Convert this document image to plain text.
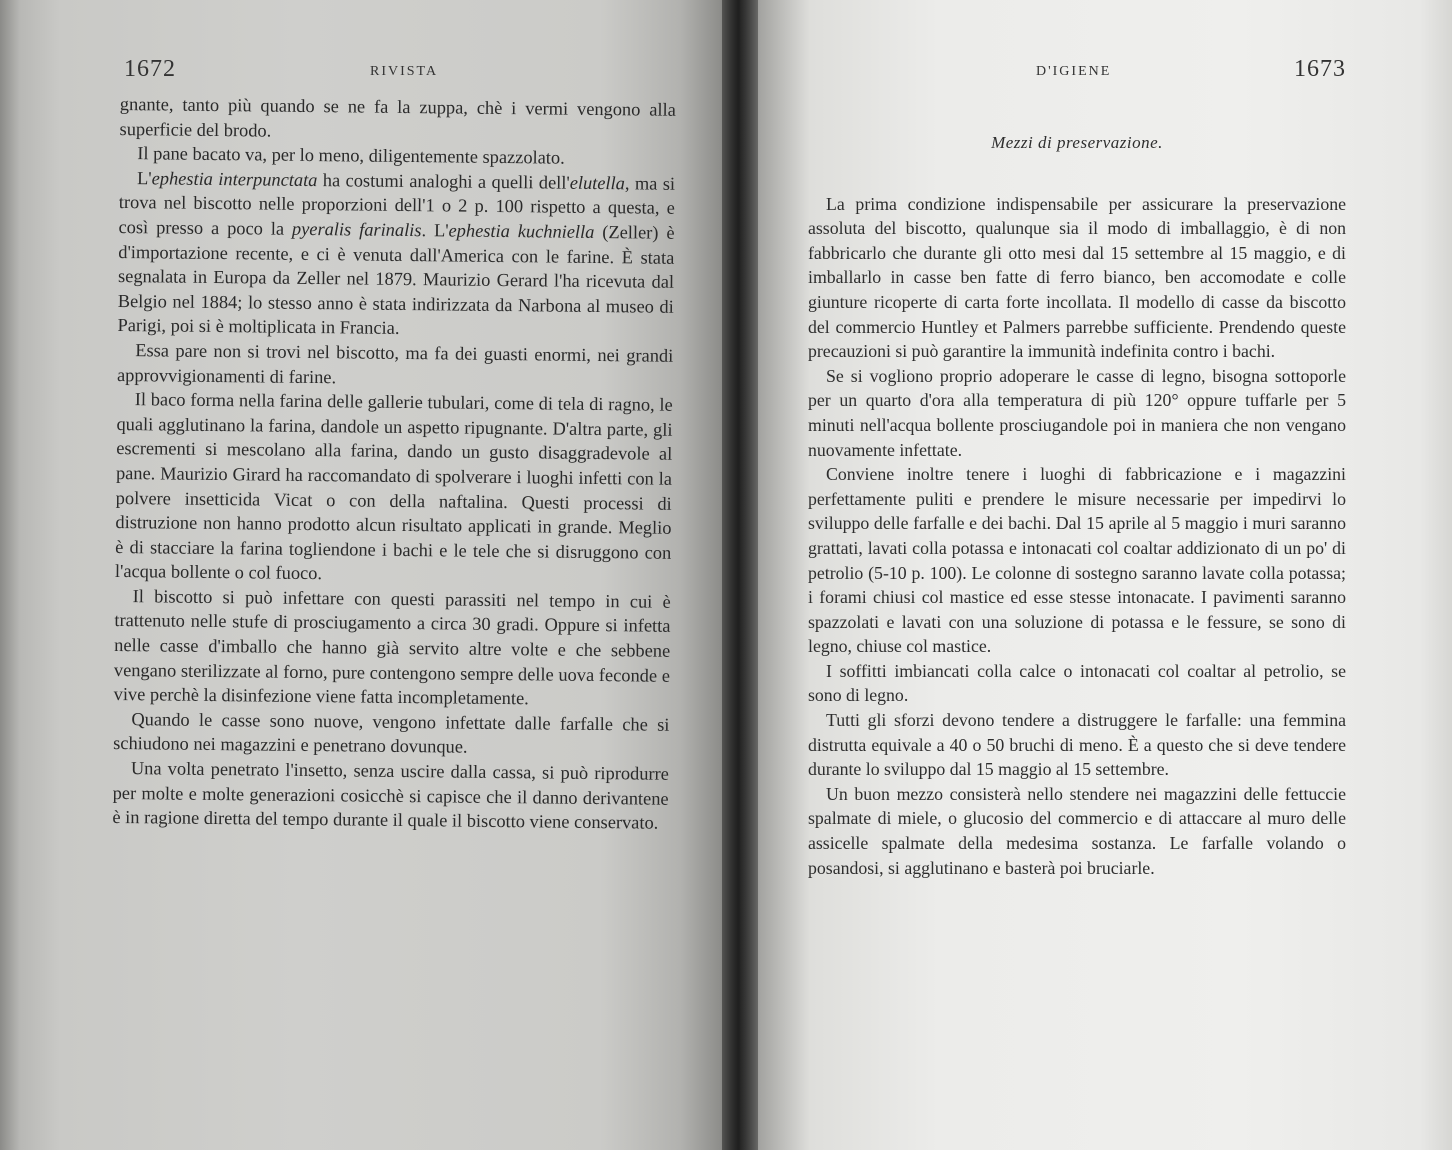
1672	RIVISTA

gnante, tanto più quando se ne fa la zuppa, chè i vermi vengono alla superficie del brodo.

Il pane bacato va, per lo meno, diligentemente spazzolato.

L'ephestia interpunctata ha costumi analoghi a quelli dell'elutella, ma si trova nel biscotto nelle proporzioni dell'1 o 2 p. 100 rispetto a questa, e così presso a poco la pyeralis farinalis. L'ephestia kuchniella (Zeller) è d'importazione recente, e ci è venuta dall'America con le farine. È stata segnalata in Europa da Zeller nel 1879. Maurizio Gerard l'ha ricevuta dal Belgio nel 1884; lo stesso anno è stata indirizzata da Narbona al museo di Parigi, poi si è moltiplicata in Francia.

Essa pare non si trovi nel biscotto, ma fa dei guasti enormi, nei grandi approvvigionamenti di farine.

Il baco forma nella farina delle gallerie tubulari, come di tela di ragno, le quali agglutinano la farina, dandole un aspetto ripugnante. D'altra parte, gli escrementi si mescolano alla farina, dando un gusto disaggradevole al pane. Maurizio Girard ha raccomandato di spolverare i luoghi infetti con la polvere insetticida Vicat o con della naftalina. Questi processi di distruzione non hanno prodotto alcun risultato applicati in grande. Meglio è di stacciare la farina togliendone i bachi e le tele che si disruggono con l'acqua bollente o col fuoco.

Il biscotto si può infettare con questi parassiti nel tempo in cui è trattenuto nelle stufe di prosciugamento a circa 30 gradi. Oppure si infetta nelle casse d'imballo che hanno già servito altre volte e che sebbene vengano sterilizzate al forno, pure contengono sempre delle uova feconde e vive perchè la disinfezione viene fatta incompletamente.

Quando le casse sono nuove, vengono infettate dalle farfalle che si schiudono nei magazzini e penetrano dovunque.

Una volta penetrato l'insetto, senza uscire dalla cassa, si può riprodurre per molte e molte generazioni cosicchè si capisce che il danno derivantene è in ragione diretta del tempo durante il quale il biscotto viene conservato.

D'IGIENE	1673

Mezzi di preservazione.

La prima condizione indispensabile per assicurare la preservazione assoluta del biscotto, qualunque sia il modo di imballaggio, è di non fabbricarlo che durante gli otto mesi dal 15 settembre al 15 maggio, e di imballarlo in casse ben fatte di ferro bianco, ben accomodate e colle giunture ricoperte di carta forte incollata. Il modello di casse da biscotto del commercio Huntley et Palmers parrebbe sufficiente. Prendendo queste precauzioni si può garantire la immunità indefinita contro i bachi.

Se si vogliono proprio adoperare le casse di legno, bisogna sottoporle per un quarto d'ora alla temperatura di più 120° oppure tuffarle per 5 minuti nell'acqua bollente prosciugandole poi in maniera che non vengano nuovamente infettate.

Conviene inoltre tenere i luoghi di fabbricazione e i magazzini perfettamente puliti e prendere le misure necessarie per impedirvi lo sviluppo delle farfalle e dei bachi. Dal 15 aprile al 5 maggio i muri saranno grattati, lavati colla potassa e intonacati col coaltar addizionato di un po' di petrolio (5-10 p. 100). Le colonne di sostegno saranno lavate colla potassa; i forami chiusi col mastice ed esse stesse intonacate. I pavimenti saranno spazzolati e lavati con una soluzione di potassa e le fessure, se sono di legno, chiuse col mastice.

I soffitti imbiancati colla calce o intonacati col coaltar al petrolio, se sono di legno.

Tutti gli sforzi devono tendere a distruggere le farfalle: una femmina distrutta equivale a 40 o 50 bruchi di meno. È a questo che si deve tendere durante lo sviluppo dal 15 maggio al 15 settembre.

Un buon mezzo consisterà nello stendere nei magazzini delle fettuccie spalmate di miele, o glucosio del commercio e di attaccare al muro delle assicelle spalmate della medesima sostanza. Le farfalle volando o posandosi, si agglutinano e basterà poi bruciarle.
